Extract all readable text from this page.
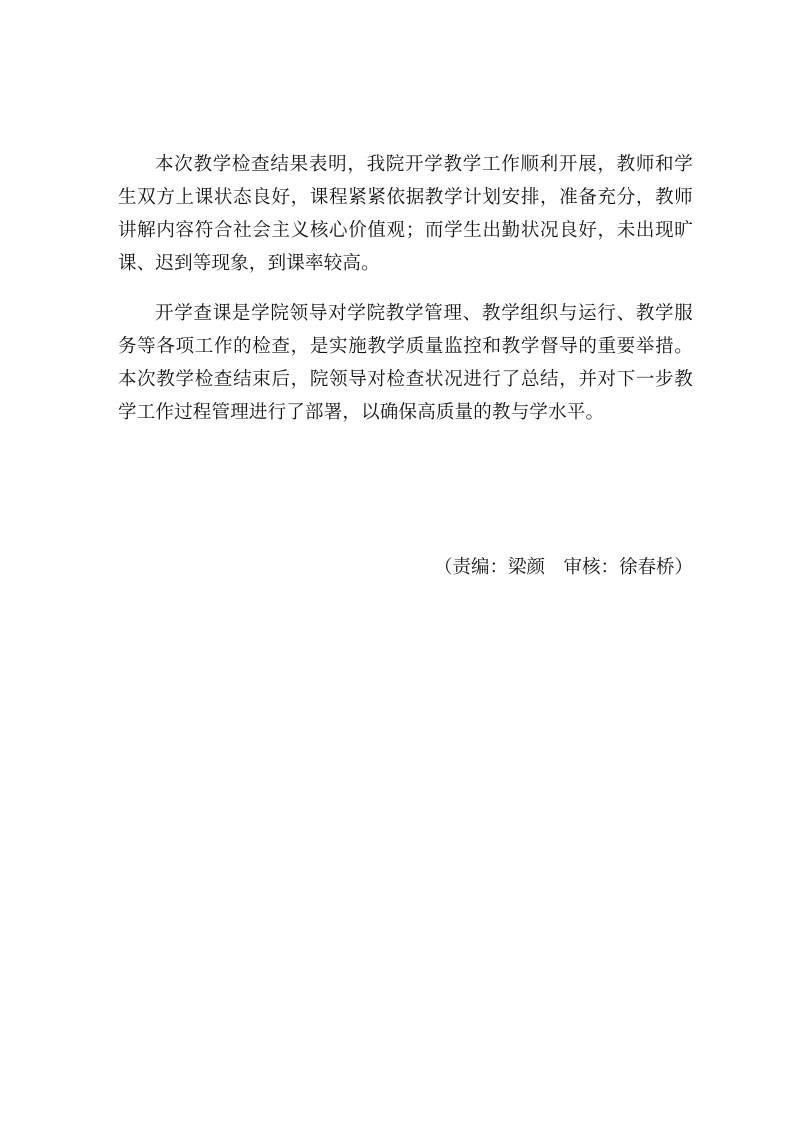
本次教学检查结果表明，我院开学教学工作顺利开展，教师和学生双方上课状态良好，课程紧紧依据教学计划安排，准备充分，教师讲解内容符合社会主义核心价值观；而学生出勤状况良好，未出现旷课、迟到等现象，到课率较高。

开学查课是学院领导对学院教学管理、教学组织与运行、教学服务等各项工作的检查，是实施教学质量监控和教学督导的重要举措。本次教学检查结束后，院领导对检查状况进行了总结，并对下一步教学工作过程管理进行了部署，以确保高质量的教与学水平。

（责编：梁颜　审核：徐春桥）
